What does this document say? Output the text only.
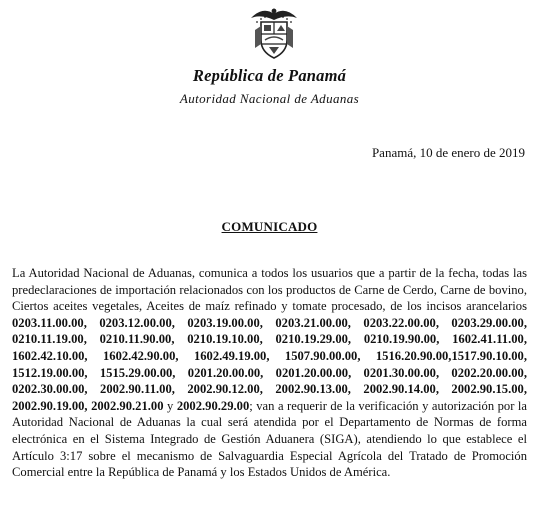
República de Panamá
Autoridad Nacional de Aduanas
Panamá, 10 de enero de 2019
COMUNICADO
La Autoridad Nacional de Aduanas, comunica a todos los usuarios que a partir de la fecha, todas las predeclaraciones de importación relacionados con los productos de Carne de Cerdo, Carne de bovino, Ciertos aceites vegetales, Aceites de maíz refinado y tomate procesado, de los incisos arancelarios 0203.11.00.00, 0203.12.00.00, 0203.19.00.00, 0203.21.00.00, 0203.22.00.00, 0203.29.00.00, 0210.11.19.00, 0210.11.90.00, 0210.19.10.00, 0210.19.29.00, 0210.19.90.00, 1602.41.11.00, 1602.42.10.00, 1602.42.90.00, 1602.49.19.00, 1507.90.00.00, 1516.20.90.00,1517.90.10.00, 1512.19.00.00, 1515.29.00.00, 0201.20.00.00, 0201.20.00.00, 0201.30.00.00, 0202.20.00.00, 0202.30.00.00, 2002.90.11.00, 2002.90.12.00, 2002.90.13.00, 2002.90.14.00, 2002.90.15.00, 2002.90.19.00, 2002.90.21.00 y 2002.90.29.00; van a requerir de la verificación y autorización por la Autoridad Nacional de Aduanas la cual será atendida por el Departamento de Normas de forma electrónica en el Sistema Integrado de Gestión Aduanera (SIGA), atendiendo lo que establece el Artículo 3:17 sobre el mecanismo de Salvaguardia Especial Agrícola del Tratado de Promoción Comercial entre la República de Panamá y los Estados Unidos de América.
